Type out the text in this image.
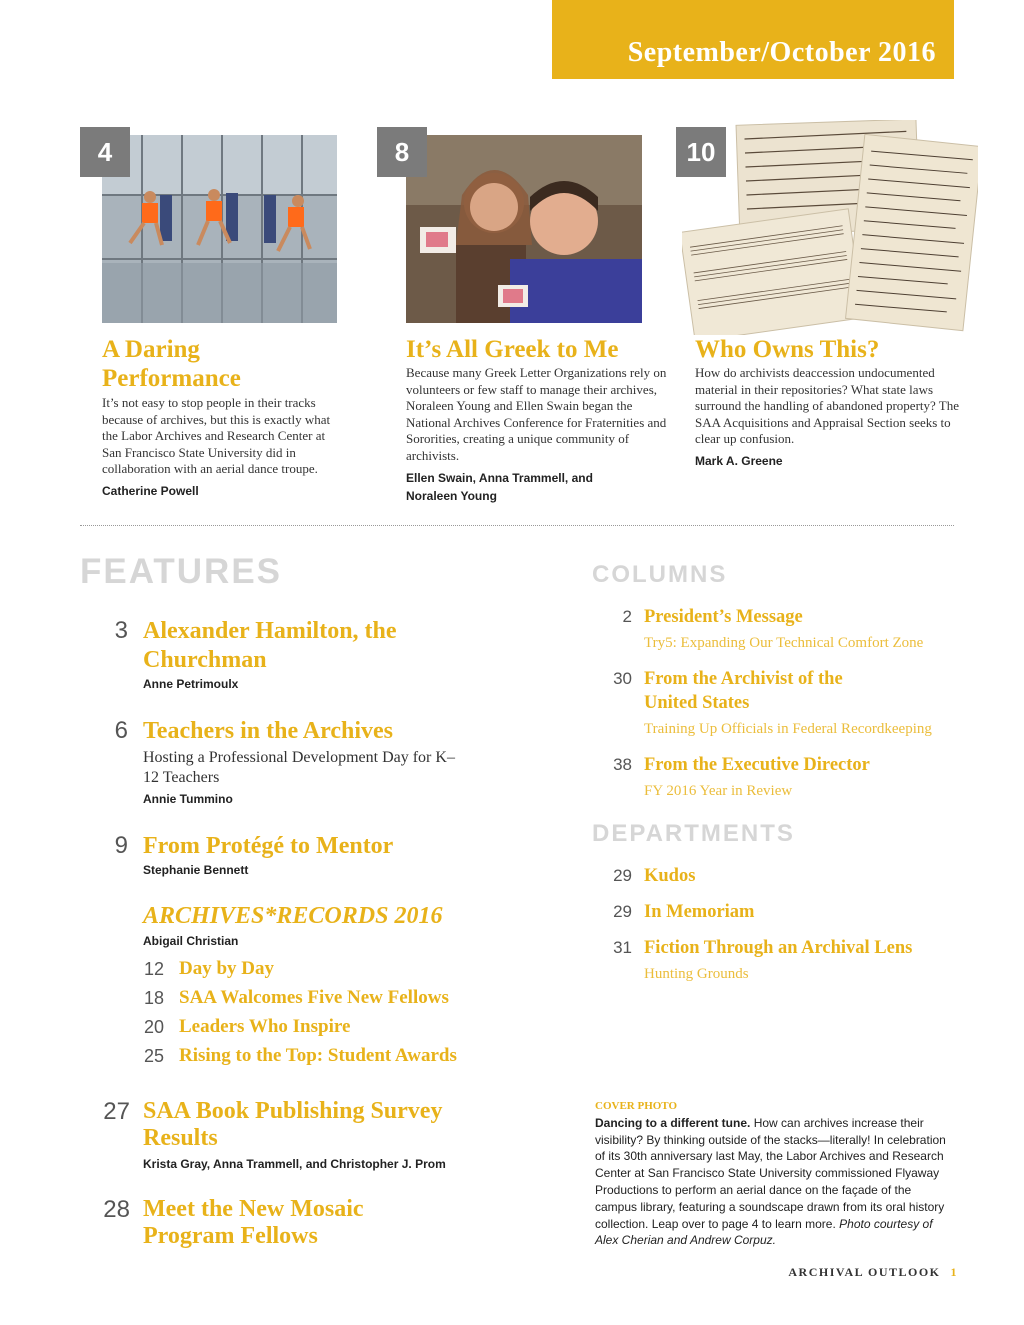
September/October 2016
4	8	10
A Daring Performance
It’s not easy to stop people in their tracks because of archives, but this is exactly what the Labor Archives and Research Center at San Francisco State University did in collaboration with an aerial dance troupe.
Catherine Powell
It’s All Greek to Me
Because many Greek Letter Organizations rely on volunteers or few staff to manage their archives, Noraleen Young and Ellen Swain began the National Archives Conference for Fraternities and Sororities, creating a unique community of archivists.
Ellen Swain, Anna Trammell, and Noraleen Young
Who Owns This?
How do archivists deaccession undocumented material in their repositories? What state laws surround the handling of abandoned property? The SAA Acquisitions and Appraisal Section seeks to clear up confusion.
Mark A. Greene
FEATURES
3 Alexander Hamilton, the Churchman
Anne Petrimoulx
6 Teachers in the Archives
Hosting a Professional Development Day for K–12 Teachers
Annie Tummino
9 From Protégé to Mentor
Stephanie Bennett
ARCHIVES*RECORDS 2016
Abigail Christian
12 Day by Day
18 SAA Walcomes Five New Fellows
20 Leaders Who Inspire
25 Rising to the Top: Student Awards
27 SAA Book Publishing Survey Results
Krista Gray, Anna Trammell, and Christopher J. Prom
28 Meet the New Mosaic Program Fellows
COLUMNS
2 President’s Message
Try5: Expanding Our Technical Comfort Zone
30 From the Archivist of the United States
Training Up Officials in Federal Recordkeeping
38 From the Executive Director
FY 2016 Year in Review
DEPARTMENTS
29 Kudos
29 In Memoriam
31 Fiction Through an Archival Lens
Hunting Grounds
COVER PHOTO
Dancing to a different tune. How can archives increase their visibility? By thinking outside of the stacks—literally! In celebration of its 30th anniversary last May, the Labor Archives and Research Center at San Francisco State University commissioned Flyaway Productions to perform an aerial dance on the façade of the campus library, featuring a soundscape drawn from its oral history collection. Leap over to page 4 to learn more. Photo courtesy of Alex Cherian and Andrew Corpuz.
ARCHIVAL OUTLOOK 1
